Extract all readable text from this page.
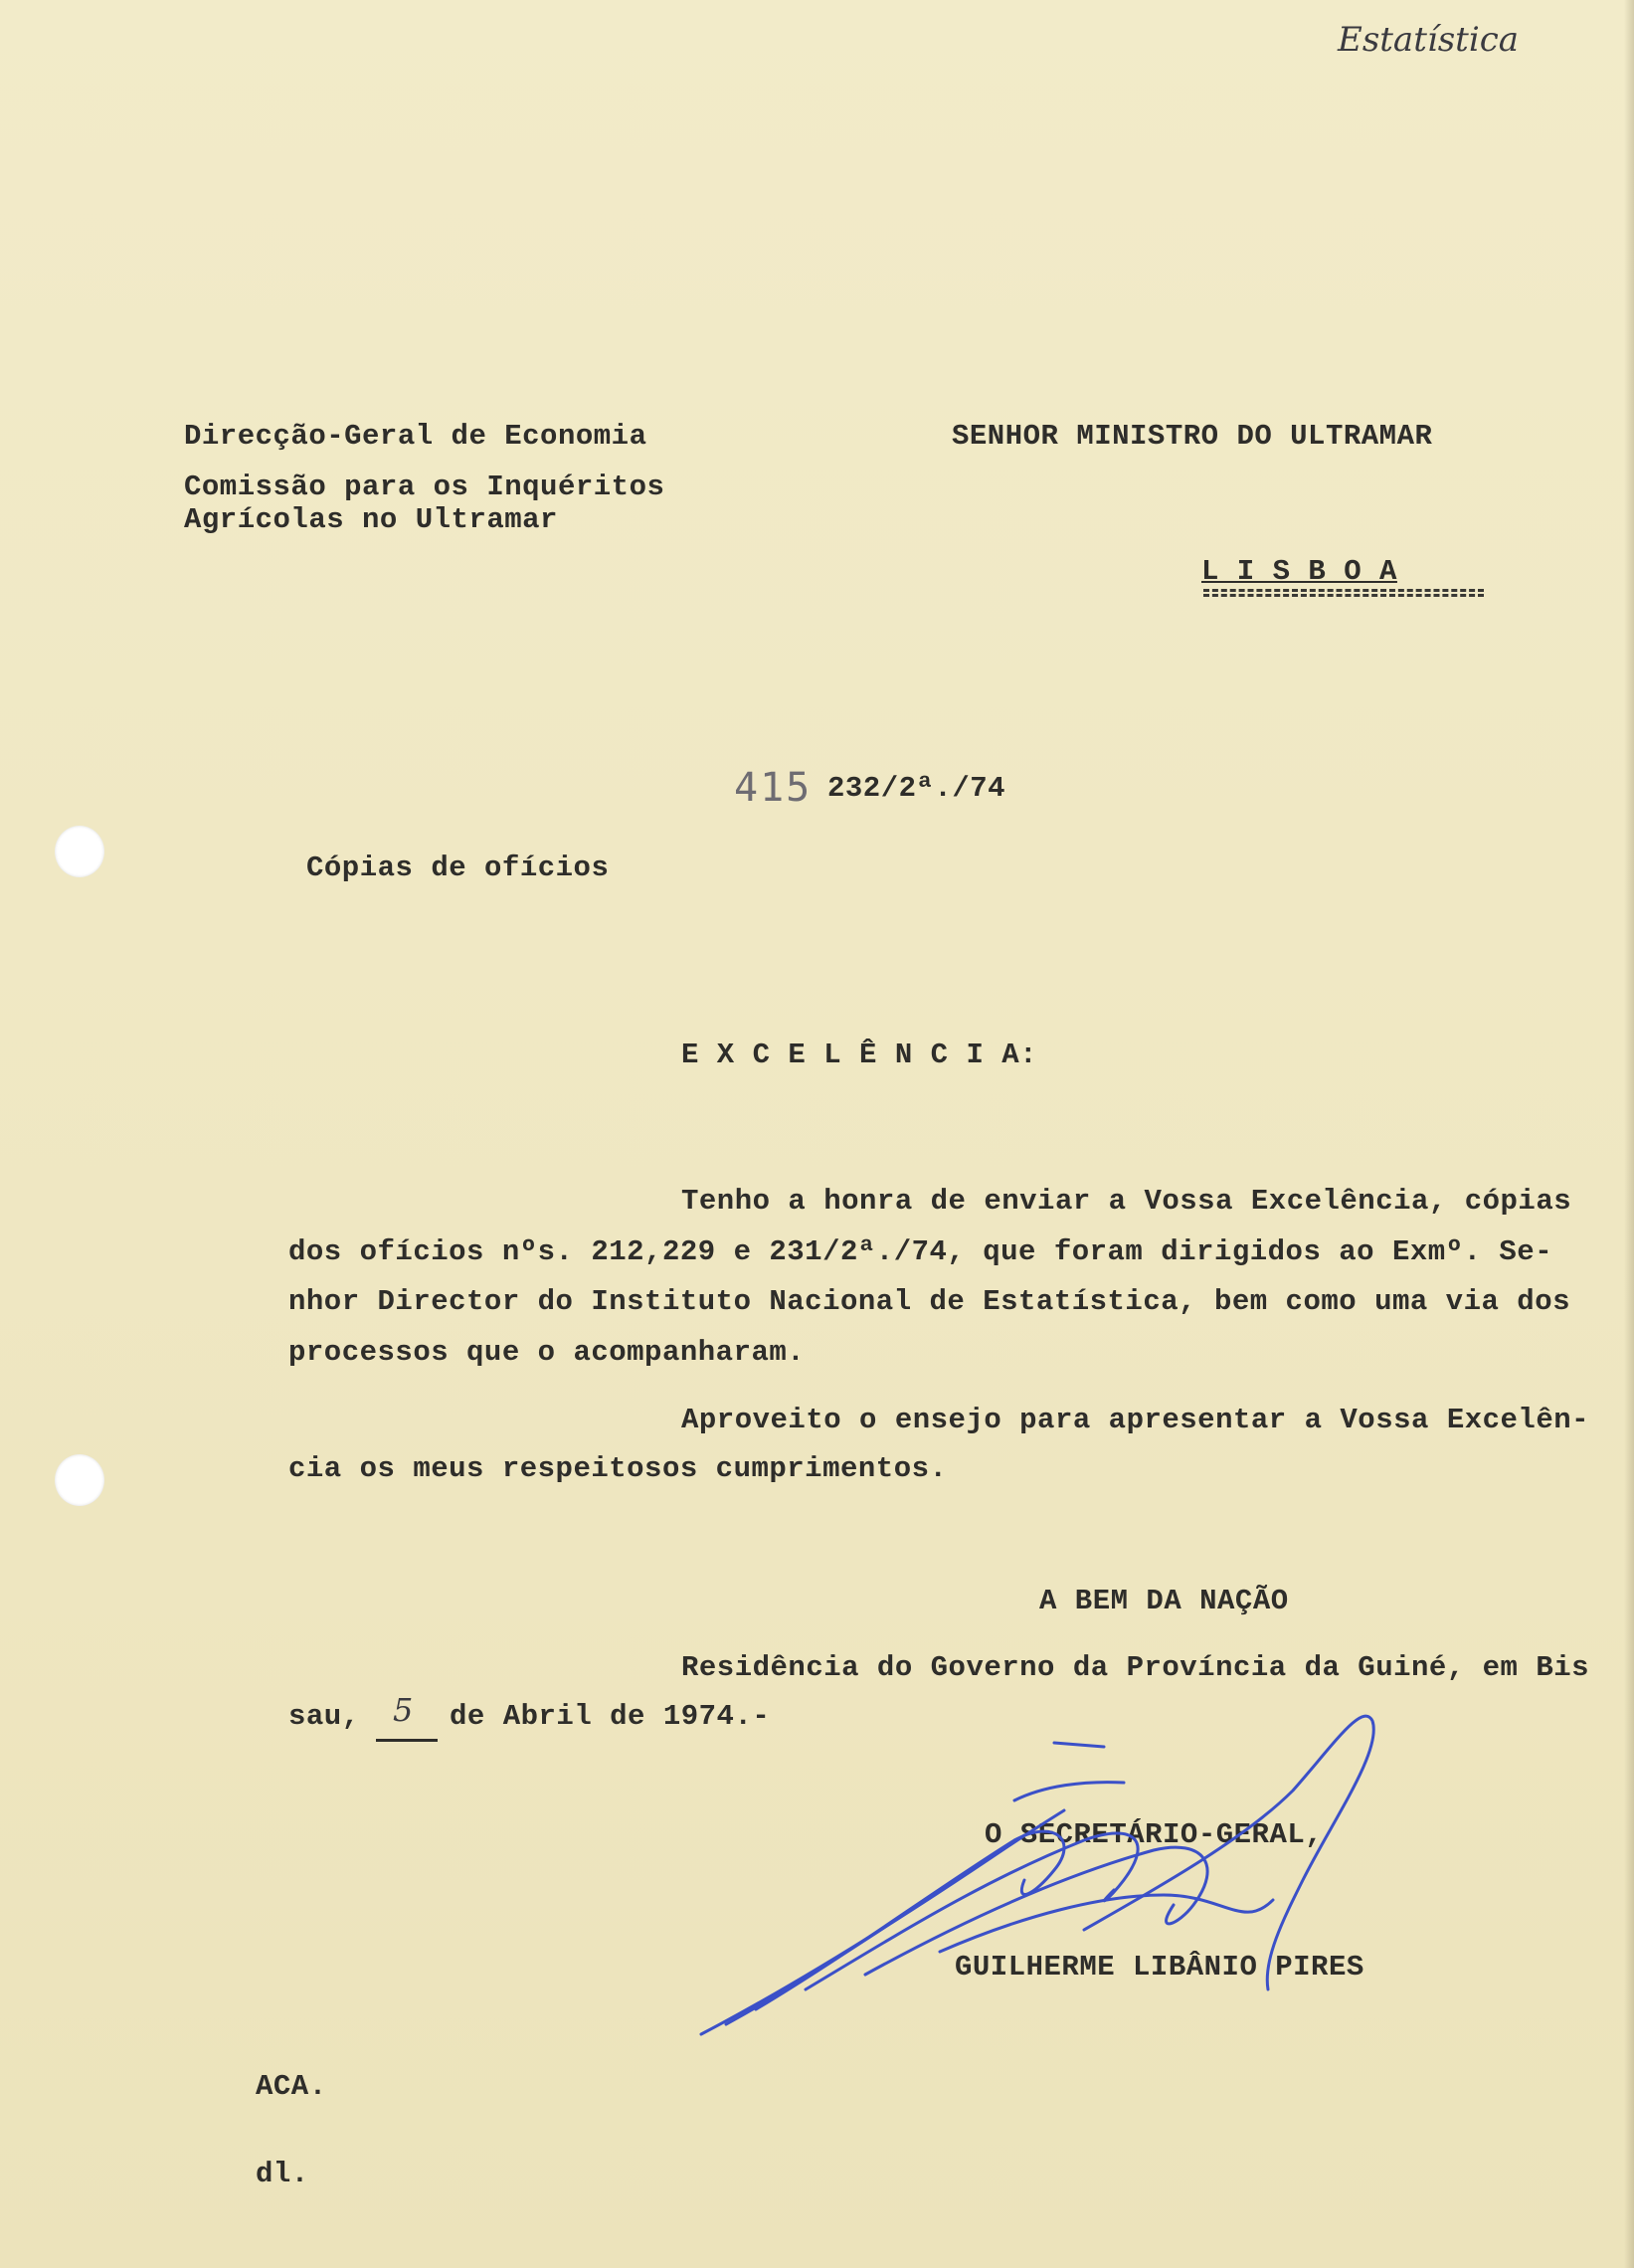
Estatística

Direcção-Geral de Economia

Comissão para os Inquéritos

Agrícolas no Ultramar

SENHOR MINISTRO DO ULTRAMAR

L I S B O A

415 232/2ª./74

Cópias de ofícios

E X C E L Ê N C I A:

Tenho a honra de enviar a Vossa Excelência, cópias

dos ofícios nºs. 212,229 e 231/2ª./74, que foram dirigidos ao Exmº. Se-

nhor Director do Instituto Nacional de Estatística, bem como uma via dos

processos que o acompanharam.

Aproveito o ensejo para apresentar a Vossa Excelên-

cia os meus respeitosos cumprimentos.

A BEM DA NAÇÃO

Residência do Governo da Província da Guiné, em Bis

sau, 5 de Abril de 1974.-

O SECRETÁRIO-GERAL,

GUILHERME LIBÂNIO PIRES

ACA.

dl.
